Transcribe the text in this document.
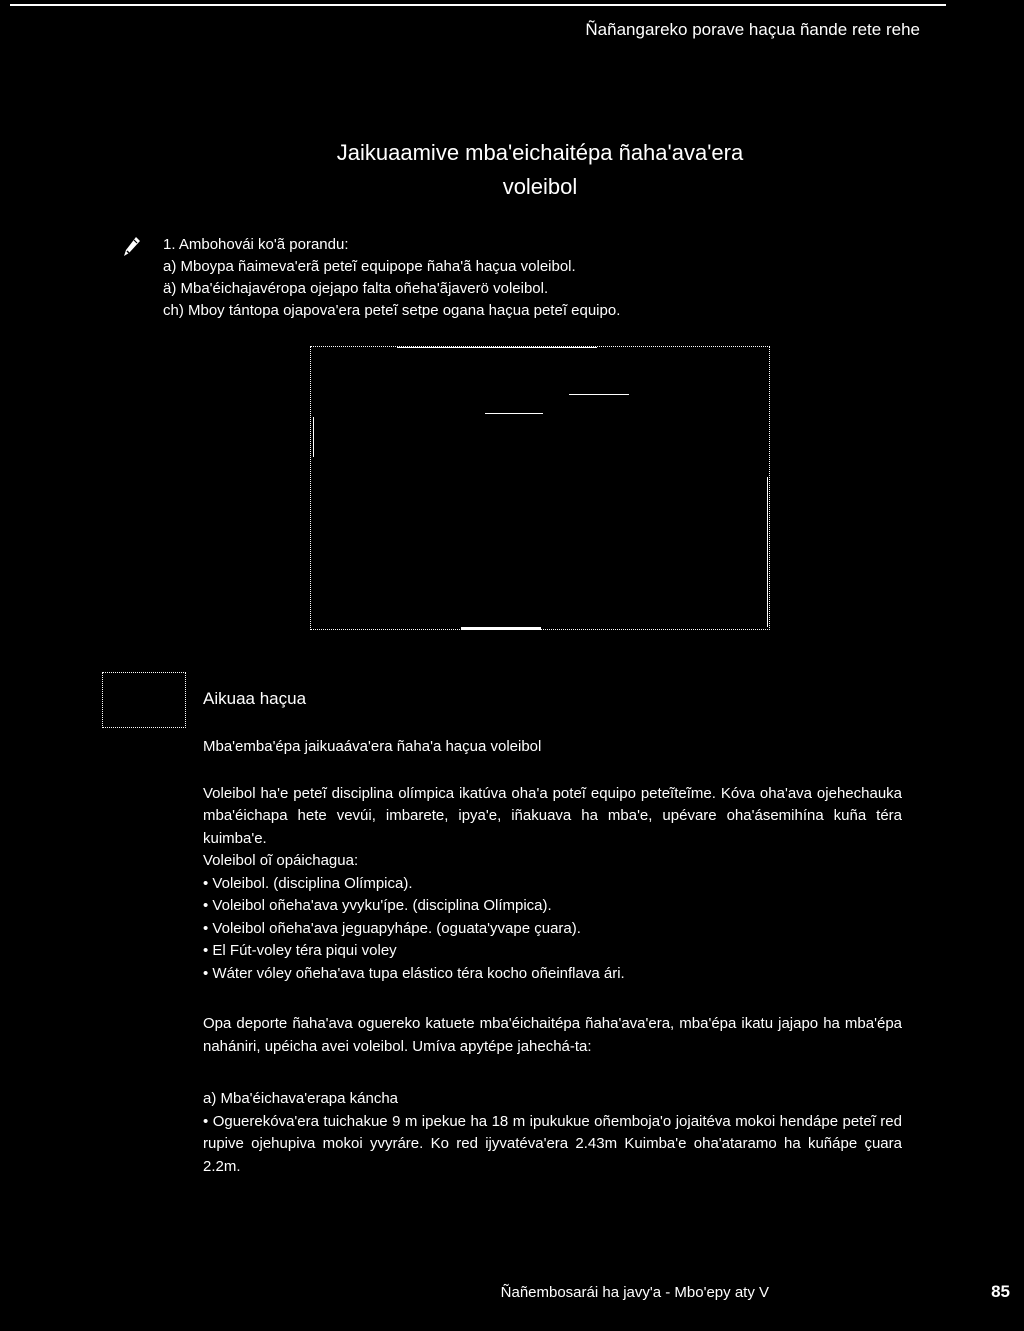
Ñañangareko porave haçua ñande rete rehe
Jaikuaamive mba'eichaitépa ñaha'ava'era
voleibol
1. Ambohovái ko'ã porandu:
a) Mboypa ñaimeva'erã peteĩ equipope ñaha'ã haçua voleibol.
ä) Mba'éichajavéropa ojejapo falta oñeha'ãjaverö voleibol.
ch) Mboy tántopa ojapova'era peteĩ setpe ogana haçua peteĩ equipo.
Aikuaa haçua

Mba'emba'épa jaikuaáva'era ñaha'a haçua voleibol

Voleibol ha'e peteĩ disciplina olímpica ikatúva oha'a poteĩ equipo peteĩteĩme. Kóva oha'ava ojehechauka mba'éichapa hete vevúi, imbarete, ipya'e, iñakuava ha mba'e, upévare oha'ásemihína kuña téra kuimba'e.

Voleibol oĩ opáichagua:

• Voleibol. (disciplina Olímpica).
• Voleibol oñeha'ava yvyku'ípe. (disciplina Olímpica).
• Voleibol oñeha'ava jeguapyhápe. (oguata'yvape çuara).
• El Fút-voley téra piqui voley
• Wáter vóley oñeha'ava tupa elástico téra kocho oñeinflava ári.

Opa deporte ñaha'ava oguereko katuete mba'éichaitépa ñaha'ava'era, mba'épa ikatu jajapo ha mba'épa nahániri, upéicha avei voleibol. Umíva apytépe jahechá-ta:

a) Mba'éichava'erapa káncha

• Oguerekóva'era tuichakue 9 m ipekue ha 18 m ipukukue oñemboja'o jojaitéva mokoi hendápe peteĩ red rupive ojehupiva mokoi yvyráre. Ko red ijyvatéva'era 2.43m Kuimba'e oha'ataramo ha kuñápe çuara 2.2m.

Ñañembosarái ha javy'a - Mbo'epy aty V	85
